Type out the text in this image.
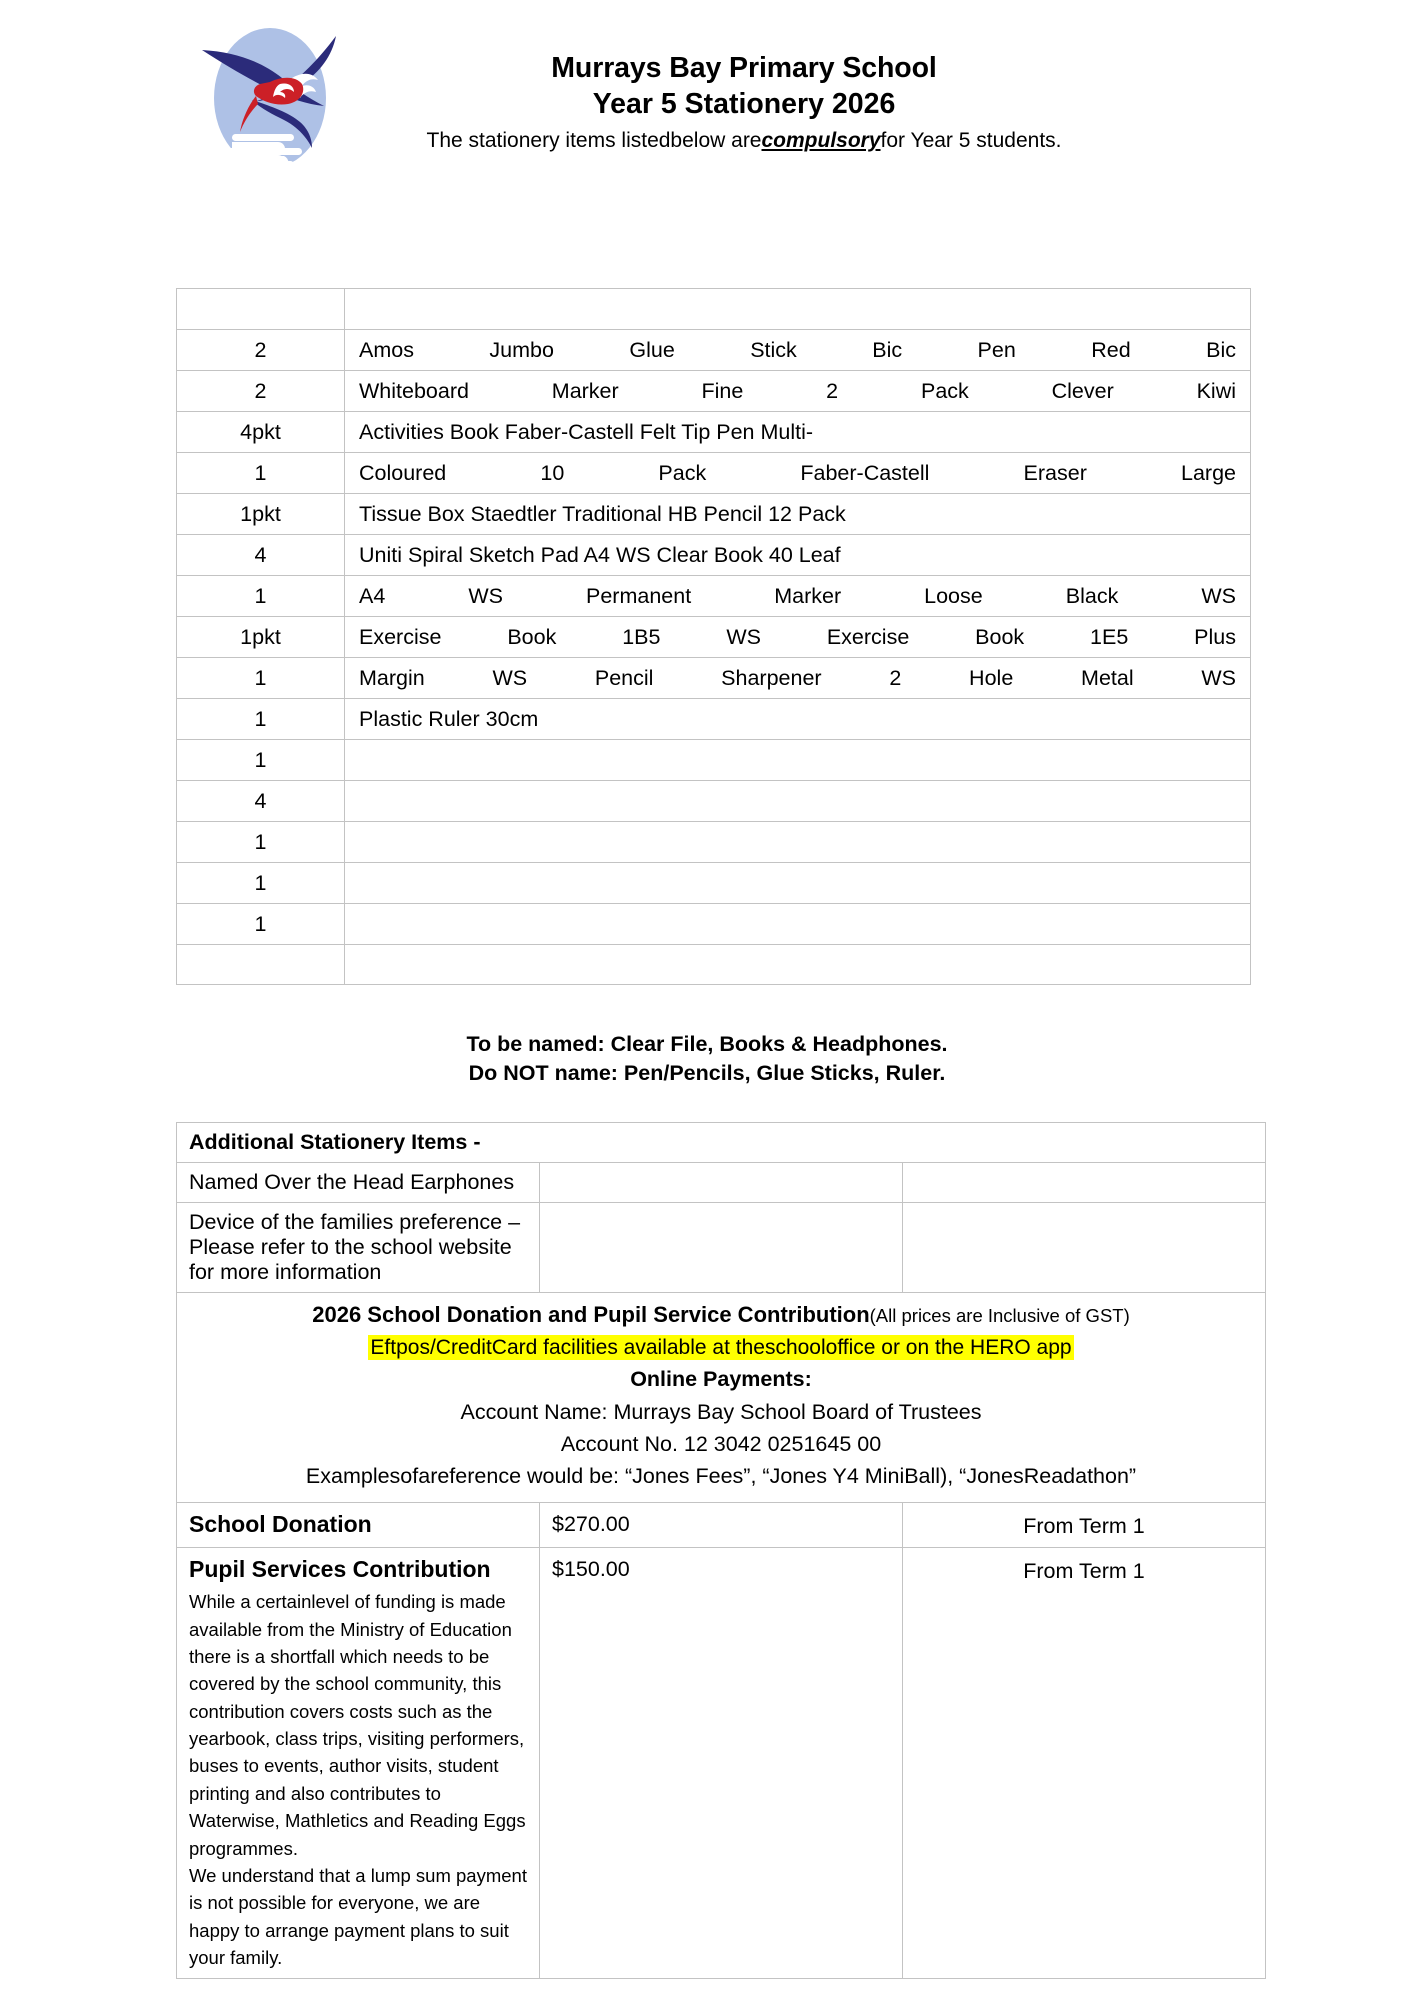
Murrays Bay Primary School
Year 5 Stationery 2026
The stationery items listedbelow arecompulsoryfor Year 5 students.

2	Amos Jumbo Glue Stick Bic Pen Red Bic
2	Whiteboard Marker Fine 2 Pack Clever Kiwi
4pkt	Activities Book Faber-Castell Felt Tip Pen Multi-
1	Coloured 10 Pack Faber-Castell Eraser Large
1pkt	Tissue Box Staedtler Traditional HB Pencil 12 Pack
4	Uniti Spiral Sketch Pad A4 WS Clear Book 40 Leaf
1	A4 WS Permanent Marker Loose Black WS
1pkt	Exercise Book 1B5 WS Exercise Book 1E5 Plus
1	Margin WS Pencil Sharpener 2 Hole Metal WS
1	Plastic Ruler 30cm
1	
4	
1	
1	
1	

To be named: Clear File, Books & Headphones.
Do NOT name: Pen/Pencils, Glue Sticks, Ruler.
Additional Stationery Items -		
Named Over the Head Earphones		
Device of the families preference – Please refer to the school website for more information		

2026 School Donation and Pupil Service Contribution(All prices are Inclusive of GST)
Eftpos/CreditCard facilities available at theschooloffice or on the HERO app
Online Payments:
Account Name: Murrays Bay School Board of Trustees
Account No. 12 3042 0251645 00
Examplesofareference would be: “Jones Fees”, “Jones Y4 MiniBall), “JonesReadathon”

School Donation	$270.00	From Term 1

Pupil Services Contribution

While a certainlevel of funding is made available from the Ministry of Education there is a shortfall which needs to be covered by the school community, this contribution covers costs such as the yearbook, class trips, visiting performers, buses to events, author visits, student printing and also contributes to Waterwise, Mathletics and Reading Eggs programmes.

We understand that a lump sum payment is not possible for everyone, we are happy to arrange payment plans to suit your family.	$150.00	From Term 1
